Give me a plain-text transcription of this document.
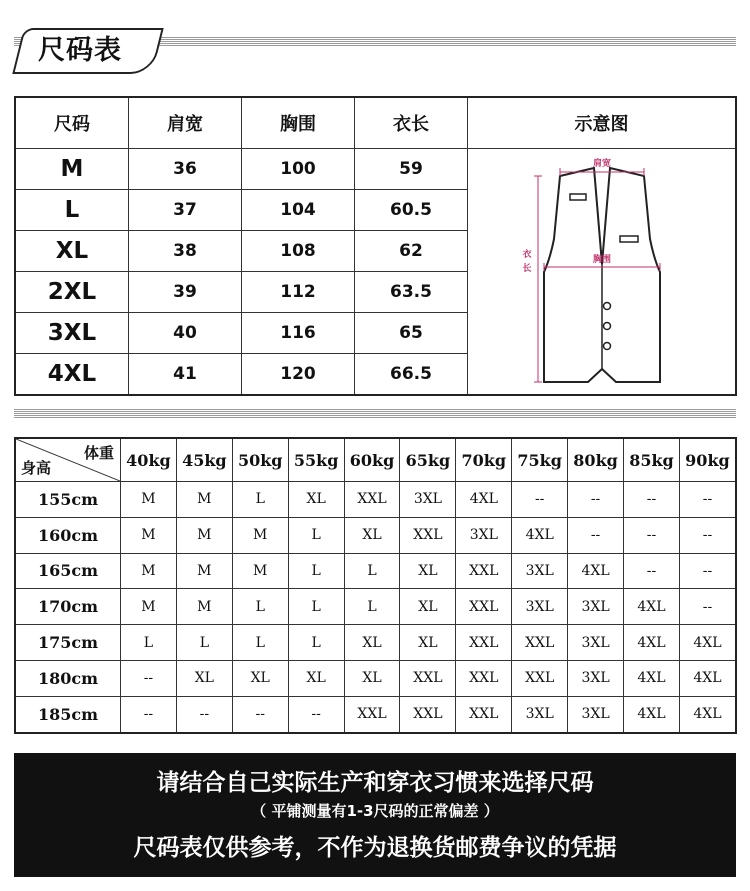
尺码表
尺码	肩宽	胸围	衣长	示意图
M	36	100	59	肩宽
胸围
衣
长

L	37	104	60.5	
XL	38	108	62	
2XL	39	112	63.5	
3XL	40	116	65	
4XL	41	120	66.5	
体重
身高	40kg	45kg	50kg	55kg	60kg	65kg	70kg	75kg	80kg	85kg	90kg
155cm	M	M	L	XL	XXL	3XL	4XL	--	--	--	--
160cm	M	M	M	L	XL	XXL	3XL	4XL	--	--	--
165cm	M	M	M	L	L	XL	XXL	3XL	4XL	--	--
170cm	M	M	L	L	L	XL	XXL	3XL	3XL	4XL	--
175cm	L	L	L	L	XL	XL	XXL	XXL	3XL	4XL	4XL
180cm	--	XL	XL	XL	XL	XXL	XXL	XXL	3XL	4XL	4XL
185cm	--	--	--	--	XXL	XXL	XXL	3XL	3XL	4XL	4XL
请结合自己实际生产和穿衣习惯来选择尺码
（ 平铺测量有1-3尺码的正常偏差 ）
尺码表仅供参考，不作为退换货邮费争议的凭据
